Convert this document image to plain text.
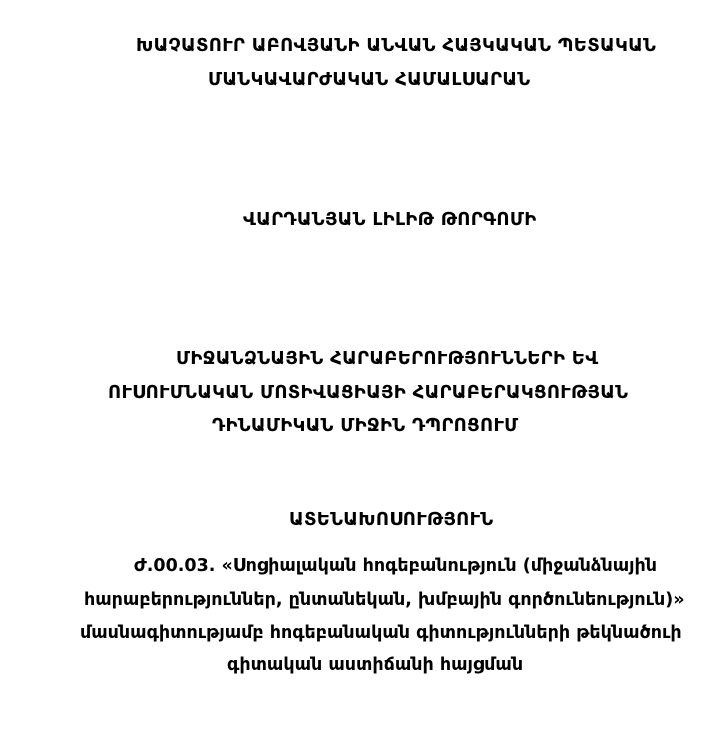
ԽԱՉԱՏՈՒՐ ԱԲՈՎՅԱՆԻ ԱՆՎԱՆ ՀԱՅԿԱԿԱՆ ՊԵՏԱԿԱՆ
ՄԱՆԿԱՎԱՐԺԱԿԱՆ ՀԱՄԱԼՍԱՐԱՆ
ՎԱՐԴԱՆՅԱՆ ԼԻԼԻԹ ԹՈՐԳՈՄԻ
ՄԻՋԱՆՁՆԱՅԻՆ ՀԱՐԱԲԵՐՈՒԹՅՈՒՆՆԵՐԻ ԵՎ
ՈՒՍՈՒՄՆԱԿԱՆ ՄՈՏԻՎԱՑԻԱՅԻ ՀԱՐԱԲԵՐԱԿՑՈՒԹՅԱՆ
ԴԻՆԱՄԻԿԱՆ ՄԻՋԻՆ ԴՊՐՈՑՈՒՄ
ԱՏԵՆԱԽՈՍՈՒԹՅՈՒՆ
Ժ.00.03. «Սոցիալական հոգեբանություն (միջանձնային
հարաբերություններ, ընտանեկան, խմբային գործունեություն)»
մասնագիտությամբ հոգեբանական գիտությունների թեկնածուի
գիտական աստիճանի հայցման
